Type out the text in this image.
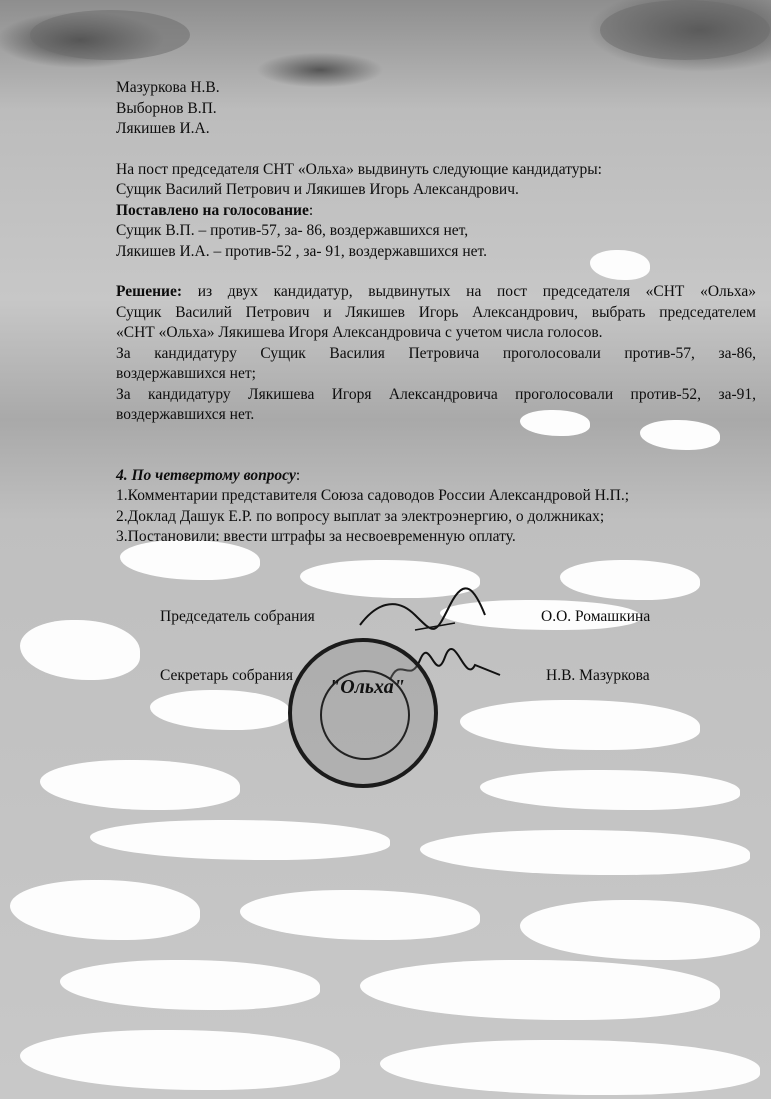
Мазуркова Н.В.
Выборнов В.П.
Лякишев И.А.
На пост председателя СНТ «Ольха» выдвинуть следующие кандидатуры:
Сущик Василий Петрович и Лякишев Игорь Александрович.
Поставлено на голосование:
Сущик В.П. – против-57, за- 86, воздержавшихся нет,
Лякишев И.А. – против-52 , за- 91, воздержавшихся нет.
Решение: из двух кандидатур, выдвинутых на пост председателя «СНТ «Ольха»
Сущик Василий Петрович и Лякишев Игорь Александрович, выбрать председателем
«СНТ «Ольха» Лякишева Игоря Александровича с учетом числа голосов.
За кандидатуру Сущик Василия Петровича проголосовали против-57, за-86,
воздержавшихся нет;
За кандидатуру Лякишева Игоря Александровича проголосовали против-52, за-91,
воздержавшихся нет.
4. По четвертому вопросу:
1.Комментарии представителя Союза садоводов России Александровой Н.П.;
2.Доклад Дашук Е.Р. по вопросу выплат за электроэнергию, о должниках;
3.Постановили: ввести штрафы за несвоевременную оплату.
Председатель собрания	О.О. Ромашкина
Секретарь собрания	Н.В. Мазуркова
"Ольха"
